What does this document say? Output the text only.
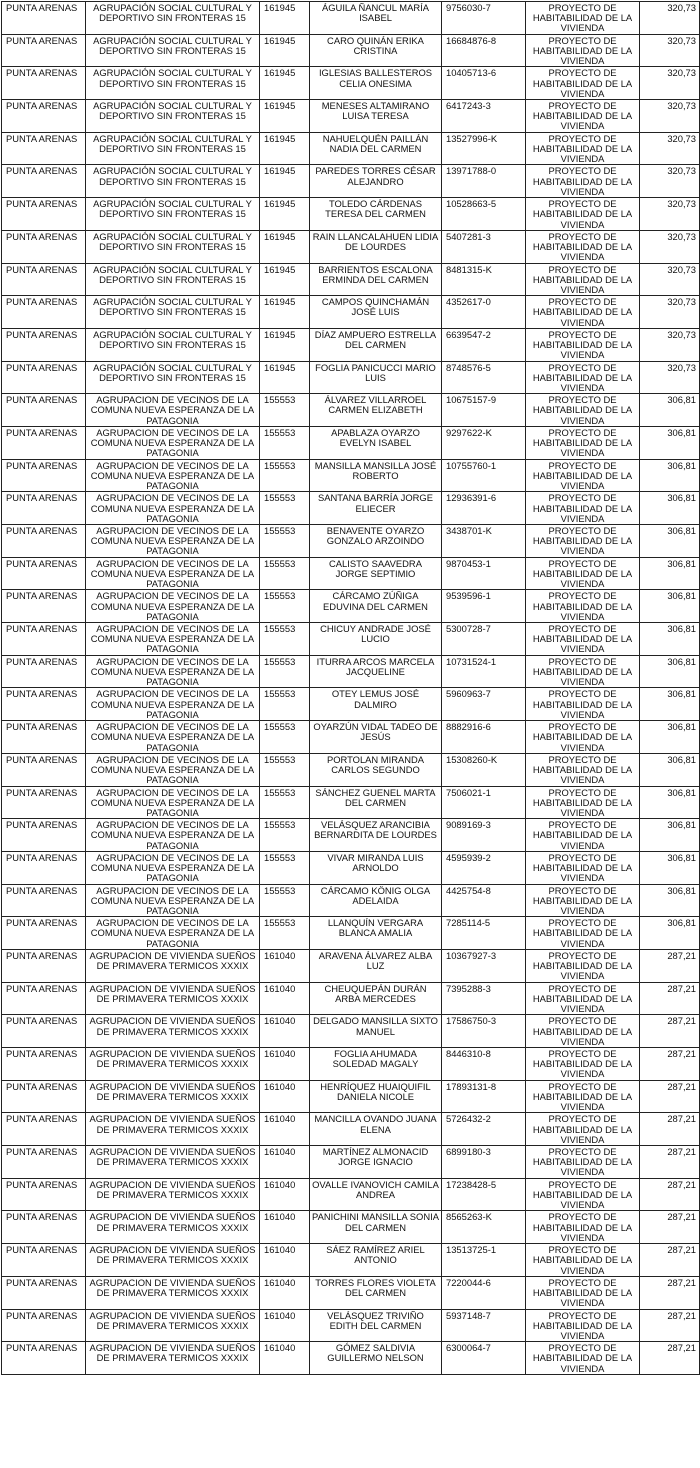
PUNTA ARENAS	AGRUPACIÓN SOCIAL CULTURAL Y DEPORTIVO SIN FRONTERAS 15	161945	ÁGUILA ÑANCUL MARÍA ISABEL	9756030-7	PROYECTO DE HABITABILIDAD DE LA VIVIENDA	320,73
PUNTA ARENAS	AGRUPACIÓN SOCIAL CULTURAL Y DEPORTIVO SIN FRONTERAS 15	161945	CARO QUINÁN ERIKA CRISTINA	16684876-8	PROYECTO DE HABITABILIDAD DE LA VIVIENDA	320,73
PUNTA ARENAS	AGRUPACIÓN SOCIAL CULTURAL Y DEPORTIVO SIN FRONTERAS 15	161945	IGLESIAS BALLESTEROS CELIA ONESIMA	10405713-6	PROYECTO DE HABITABILIDAD DE LA VIVIENDA	320,73
PUNTA ARENAS	AGRUPACIÓN SOCIAL CULTURAL Y DEPORTIVO SIN FRONTERAS 15	161945	MENESES ALTAMIRANO LUISA TERESA	6417243-3	PROYECTO DE HABITABILIDAD DE LA VIVIENDA	320,73
PUNTA ARENAS	AGRUPACIÓN SOCIAL CULTURAL Y DEPORTIVO SIN FRONTERAS 15	161945	NAHUELQUÉN PAILLÁN NADIA DEL CARMEN	13527996-K	PROYECTO DE HABITABILIDAD DE LA VIVIENDA	320,73
PUNTA ARENAS	AGRUPACIÓN SOCIAL CULTURAL Y DEPORTIVO SIN FRONTERAS 15	161945	PAREDES TORRES CÉSAR ALEJANDRO	13971788-0	PROYECTO DE HABITABILIDAD DE LA VIVIENDA	320,73
PUNTA ARENAS	AGRUPACIÓN SOCIAL CULTURAL Y DEPORTIVO SIN FRONTERAS 15	161945	TOLEDO CÁRDENAS TERESA DEL CARMEN	10528663-5	PROYECTO DE HABITABILIDAD DE LA VIVIENDA	320,73
PUNTA ARENAS	AGRUPACIÓN SOCIAL CULTURAL Y DEPORTIVO SIN FRONTERAS 15	161945	RAIN LLANCALAHUEN LIDIA DE LOURDES	5407281-3	PROYECTO DE HABITABILIDAD DE LA VIVIENDA	320,73
PUNTA ARENAS	AGRUPACIÓN SOCIAL CULTURAL Y DEPORTIVO SIN FRONTERAS 15	161945	BARRIENTOS ESCALONA ERMINDA DEL CARMEN	8481315-K	PROYECTO DE HABITABILIDAD DE LA VIVIENDA	320,73
PUNTA ARENAS	AGRUPACIÓN SOCIAL CULTURAL Y DEPORTIVO SIN FRONTERAS 15	161945	CAMPOS QUINCHAMÁN JOSÉ LUIS	4352617-0	PROYECTO DE HABITABILIDAD DE LA VIVIENDA	320,73
PUNTA ARENAS	AGRUPACIÓN SOCIAL CULTURAL Y DEPORTIVO SIN FRONTERAS 15	161945	DÍAZ AMPUERO ESTRELLA DEL CARMEN	6639547-2	PROYECTO DE HABITABILIDAD DE LA VIVIENDA	320,73
PUNTA ARENAS	AGRUPACIÓN SOCIAL CULTURAL Y DEPORTIVO SIN FRONTERAS 15	161945	FOGLIA PANICUCCI MARIO LUIS	8748576-5	PROYECTO DE HABITABILIDAD DE LA VIVIENDA	320,73
PUNTA ARENAS	AGRUPACION DE VECINOS DE LA COMUNA NUEVA ESPERANZA DE LA PATAGONIA	155553	ÁLVAREZ VILLARROEL CARMEN ELIZABETH	10675157-9	PROYECTO DE HABITABILIDAD DE LA VIVIENDA	306,81
PUNTA ARENAS	AGRUPACION DE VECINOS DE LA COMUNA NUEVA ESPERANZA DE LA PATAGONIA	155553	APABLAZA OYARZO EVELYN ISABEL	9297622-K	PROYECTO DE HABITABILIDAD DE LA VIVIENDA	306,81
PUNTA ARENAS	AGRUPACION DE VECINOS DE LA COMUNA NUEVA ESPERANZA DE LA PATAGONIA	155553	MANSILLA MANSILLA JOSÉ ROBERTO	10755760-1	PROYECTO DE HABITABILIDAD DE LA VIVIENDA	306,81
PUNTA ARENAS	AGRUPACION DE VECINOS DE LA COMUNA NUEVA ESPERANZA DE LA PATAGONIA	155553	SANTANA BARRÍA JORGE ELIECER	12936391-6	PROYECTO DE HABITABILIDAD DE LA VIVIENDA	306,81
PUNTA ARENAS	AGRUPACION DE VECINOS DE LA COMUNA NUEVA ESPERANZA DE LA PATAGONIA	155553	BENAVENTE OYARZO GONZALO ARZOINDO	3438701-K	PROYECTO DE HABITABILIDAD DE LA VIVIENDA	306,81
PUNTA ARENAS	AGRUPACION DE VECINOS DE LA COMUNA NUEVA ESPERANZA DE LA PATAGONIA	155553	CALISTO SAAVEDRA JORGE SEPTIMIO	9870453-1	PROYECTO DE HABITABILIDAD DE LA VIVIENDA	306,81
PUNTA ARENAS	AGRUPACION DE VECINOS DE LA COMUNA NUEVA ESPERANZA DE LA PATAGONIA	155553	CÁRCAMO ZÚÑIGA EDUVINA DEL CARMEN	9539596-1	PROYECTO DE HABITABILIDAD DE LA VIVIENDA	306,81
PUNTA ARENAS	AGRUPACION DE VECINOS DE LA COMUNA NUEVA ESPERANZA DE LA PATAGONIA	155553	CHICUY ANDRADE JOSÉ LUCIO	5300728-7	PROYECTO DE HABITABILIDAD DE LA VIVIENDA	306,81
PUNTA ARENAS	AGRUPACION DE VECINOS DE LA COMUNA NUEVA ESPERANZA DE LA PATAGONIA	155553	ITURRA ARCOS MARCELA JACQUELINE	10731524-1	PROYECTO DE HABITABILIDAD DE LA VIVIENDA	306,81
PUNTA ARENAS	AGRUPACION DE VECINOS DE LA COMUNA NUEVA ESPERANZA DE LA PATAGONIA	155553	OTEY LEMUS JOSÉ DALMIRO	5960963-7	PROYECTO DE HABITABILIDAD DE LA VIVIENDA	306,81
PUNTA ARENAS	AGRUPACION DE VECINOS DE LA COMUNA NUEVA ESPERANZA DE LA PATAGONIA	155553	OYARZÚN VIDAL TADEO DE JESÚS	8882916-6	PROYECTO DE HABITABILIDAD DE LA VIVIENDA	306,81
PUNTA ARENAS	AGRUPACION DE VECINOS DE LA COMUNA NUEVA ESPERANZA DE LA PATAGONIA	155553	PORTOLAN MIRANDA CARLOS SEGUNDO	15308260-K	PROYECTO DE HABITABILIDAD DE LA VIVIENDA	306,81
PUNTA ARENAS	AGRUPACION DE VECINOS DE LA COMUNA NUEVA ESPERANZA DE LA PATAGONIA	155553	SÁNCHEZ GUENEL MARTA DEL CARMEN	7506021-1	PROYECTO DE HABITABILIDAD DE LA VIVIENDA	306,81
PUNTA ARENAS	AGRUPACION DE VECINOS DE LA COMUNA NUEVA ESPERANZA DE LA PATAGONIA	155553	VELÁSQUEZ ARANCIBIA BERNARDITA DE LOURDES	9089169-3	PROYECTO DE HABITABILIDAD DE LA VIVIENDA	306,81
PUNTA ARENAS	AGRUPACION DE VECINOS DE LA COMUNA NUEVA ESPERANZA DE LA PATAGONIA	155553	VIVAR MIRANDA LUIS ARNOLDO	4595939-2	PROYECTO DE HABITABILIDAD DE LA VIVIENDA	306,81
PUNTA ARENAS	AGRUPACION DE VECINOS DE LA COMUNA NUEVA ESPERANZA DE LA PATAGONIA	155553	CÁRCAMO KÖNIG OLGA ADELAIDA	4425754-8	PROYECTO DE HABITABILIDAD DE LA VIVIENDA	306,81
PUNTA ARENAS	AGRUPACION DE VECINOS DE LA COMUNA NUEVA ESPERANZA DE LA PATAGONIA	155553	LLANQUÍN VERGARA BLANCA AMALIA	7285114-5	PROYECTO DE HABITABILIDAD DE LA VIVIENDA	306,81
PUNTA ARENAS	AGRUPACION DE VIVIENDA SUEÑOS DE PRIMAVERA TERMICOS XXXIX	161040	ARAVENA ÁLVAREZ ALBA LUZ	10367927-3	PROYECTO DE HABITABILIDAD DE LA VIVIENDA	287,21
PUNTA ARENAS	AGRUPACION DE VIVIENDA SUEÑOS DE PRIMAVERA TERMICOS XXXIX	161040	CHEUQUEPÁN DURÁN ARBA MERCEDES	7395288-3	PROYECTO DE HABITABILIDAD DE LA VIVIENDA	287,21
PUNTA ARENAS	AGRUPACION DE VIVIENDA SUEÑOS DE PRIMAVERA TERMICOS XXXIX	161040	DELGADO MANSILLA SIXTO MANUEL	17586750-3	PROYECTO DE HABITABILIDAD DE LA VIVIENDA	287,21
PUNTA ARENAS	AGRUPACION DE VIVIENDA SUEÑOS DE PRIMAVERA TERMICOS XXXIX	161040	FOGLIA AHUMADA SOLEDAD MAGALY	8446310-8	PROYECTO DE HABITABILIDAD DE LA VIVIENDA	287,21
PUNTA ARENAS	AGRUPACION DE VIVIENDA SUEÑOS DE PRIMAVERA TERMICOS XXXIX	161040	HENRÍQUEZ HUAIQUIFIL DANIELA NICOLE	17893131-8	PROYECTO DE HABITABILIDAD DE LA VIVIENDA	287,21
PUNTA ARENAS	AGRUPACION DE VIVIENDA SUEÑOS DE PRIMAVERA TERMICOS XXXIX	161040	MANCILLA OVANDO JUANA ELENA	5726432-2	PROYECTO DE HABITABILIDAD DE LA VIVIENDA	287,21
PUNTA ARENAS	AGRUPACION DE VIVIENDA SUEÑOS DE PRIMAVERA TERMICOS XXXIX	161040	MARTÍNEZ ALMONACID JORGE IGNACIO	6899180-3	PROYECTO DE HABITABILIDAD DE LA VIVIENDA	287,21
PUNTA ARENAS	AGRUPACION DE VIVIENDA SUEÑOS DE PRIMAVERA TERMICOS XXXIX	161040	OVALLE IVANOVICH CAMILA ANDREA	17238428-5	PROYECTO DE HABITABILIDAD DE LA VIVIENDA	287,21
PUNTA ARENAS	AGRUPACION DE VIVIENDA SUEÑOS DE PRIMAVERA TERMICOS XXXIX	161040	PANICHINI MANSILLA SONIA DEL CARMEN	8565263-K	PROYECTO DE HABITABILIDAD DE LA VIVIENDA	287,21
PUNTA ARENAS	AGRUPACION DE VIVIENDA SUEÑOS DE PRIMAVERA TERMICOS XXXIX	161040	SÁEZ RAMÍREZ ARIEL ANTONIO	13513725-1	PROYECTO DE HABITABILIDAD DE LA VIVIENDA	287,21
PUNTA ARENAS	AGRUPACION DE VIVIENDA SUEÑOS DE PRIMAVERA TERMICOS XXXIX	161040	TORRES FLORES VIOLETA DEL CARMEN	7220044-6	PROYECTO DE HABITABILIDAD DE LA VIVIENDA	287,21
PUNTA ARENAS	AGRUPACION DE VIVIENDA SUEÑOS DE PRIMAVERA TERMICOS XXXIX	161040	VELÁSQUEZ TRIVIÑO EDITH DEL CARMEN	5937148-7	PROYECTO DE HABITABILIDAD DE LA VIVIENDA	287,21
PUNTA ARENAS	AGRUPACION DE VIVIENDA SUEÑOS DE PRIMAVERA TERMICOS XXXIX	161040	GÓMEZ SALDIVIA GUILLERMO NELSON	6300064-7	PROYECTO DE HABITABILIDAD DE LA VIVIENDA	287,21
